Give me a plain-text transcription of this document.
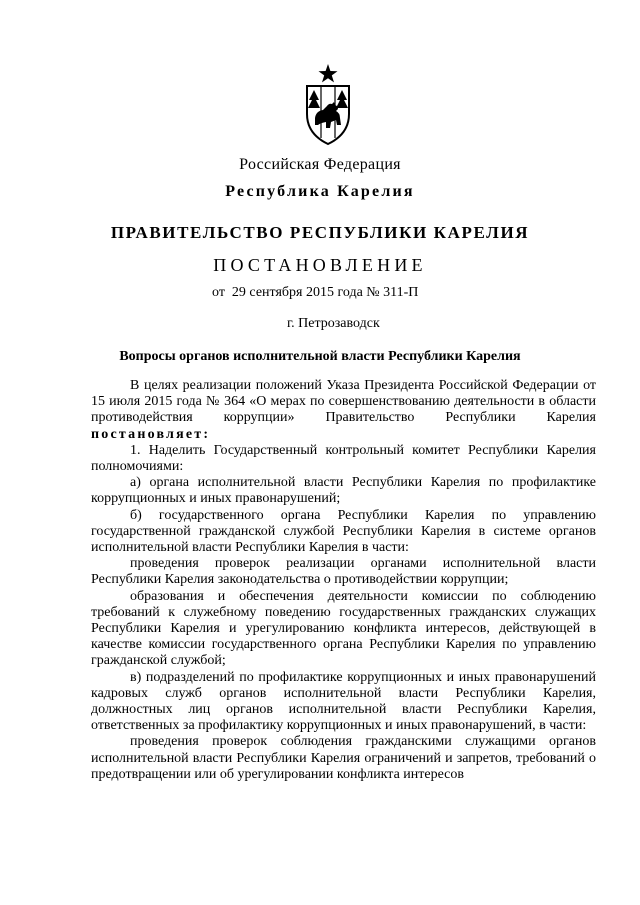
Российская Федерация
Республика Карелия
ПРАВИТЕЛЬСТВО РЕСПУБЛИКИ КАРЕЛИЯ
ПОСТАНОВЛЕНИЕ
от  29 сентября 2015 года № 311-П
г. Петрозаводск
Вопросы органов исполнительной власти Республики Карелия

В целях реализации положений Указа Президента Российской Федерации от 15 июля 2015 года № 364 «О мерах по совершенствованию деятельности в области противодействия коррупции» Правительство Республики Карелия постановляет:

1. Наделить Государственный контрольный комитет Республики Карелия полномочиями:

а) органа исполнительной власти Республики Карелия по профилактике коррупционных и иных правонарушений;

б) государственного органа Республики Карелия по управлению государственной гражданской службой Республики Карелия в системе органов исполнительной власти Республики Карелия в части:

проведения проверок реализации органами исполнительной власти Республики Карелия законодательства о противодействии коррупции;

образования и обеспечения деятельности комиссии по соблюдению требований к служебному поведению государственных гражданских служащих Республики Карелия и урегулированию конфликта интересов, действующей в качестве комиссии государственного органа Республики Карелия по управлению гражданской службой;

в) подразделений по профилактике коррупционных и иных правонарушений кадровых служб органов исполнительной власти Республики Карелия, должностных лиц органов исполнительной власти Республики Карелия, ответственных за профилактику коррупционных и иных правонарушений, в части:

проведения проверок соблюдения гражданскими служащими органов исполнительной власти Республики Карелия ограничений и запретов, требований о предотвращении или об урегулировании конфликта интересов
